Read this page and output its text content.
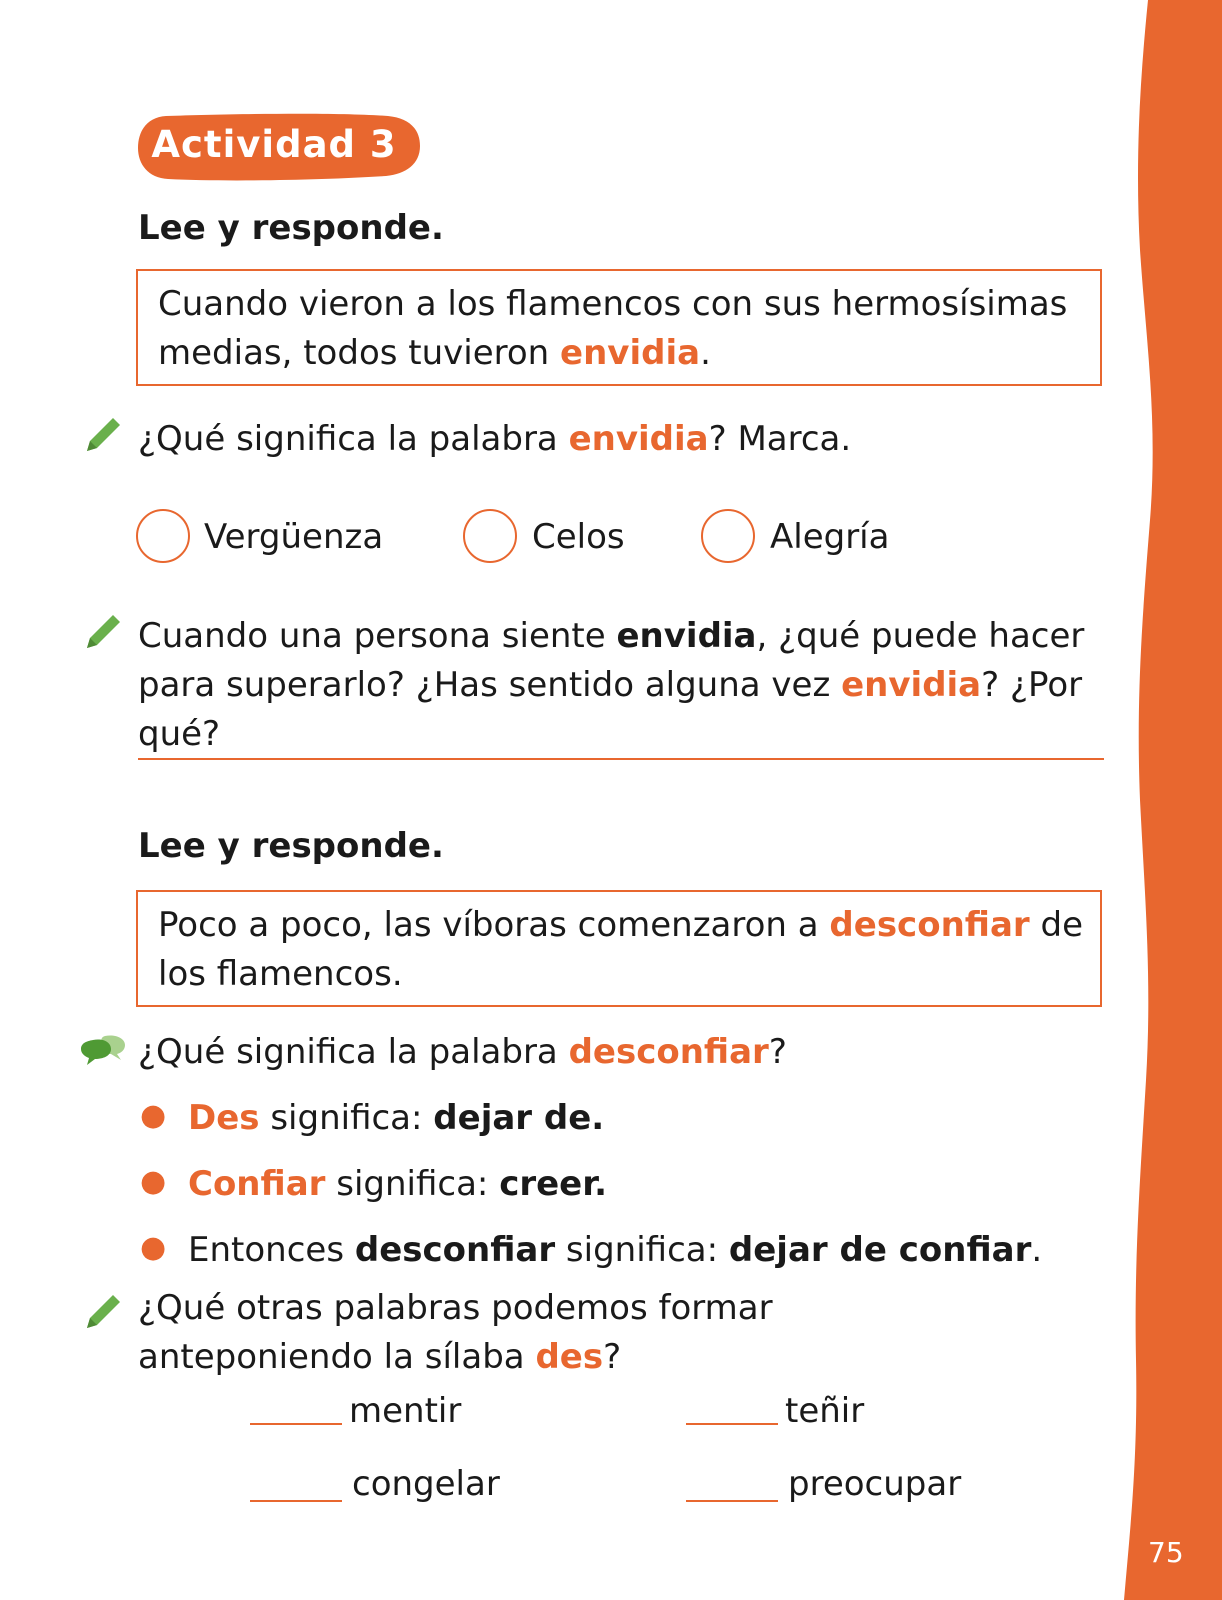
Actividad 3
Lee y responde.
Cuando vieron a los flamencos con sus hermosísimas medias, todos tuvieron envidia.
¿Qué significa la palabra envidia? Marca.
Vergüenza	Celos	Alegría
Cuando una persona siente envidia, ¿qué puede hacer para superarlo? ¿Has sentido alguna vez envidia? ¿Por qué?
Lee y responde.
Poco a poco, las víboras comenzaron a desconfiar de los flamencos.
¿Qué significa la palabra desconfiar?
● Des significa: dejar de.
● Confiar significa: creer.
● Entonces desconfiar significa: dejar de confiar.
¿Qué otras palabras podemos formar anteponiendo la sílaba des?
mentir	teñir
congelar	preocupar
75
